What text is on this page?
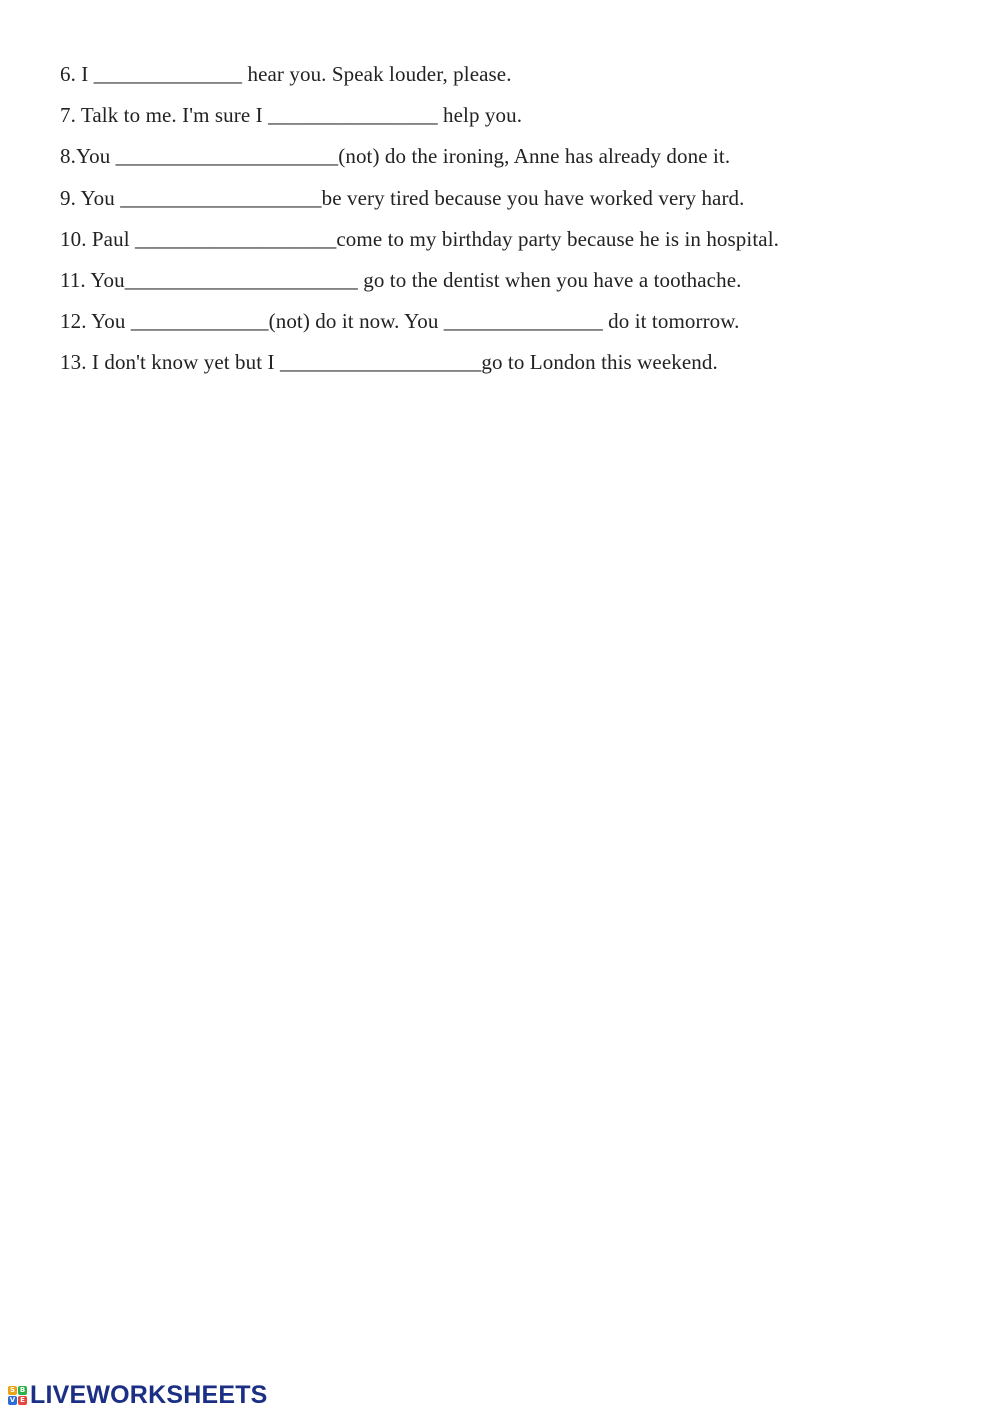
6. I ______________ hear you. Speak louder, please.
7. Talk to me. I'm sure I ________________ help you.
8.You _____________________(not) do the ironing, Anne has already done it.
9. You ___________________be very tired because you have worked very hard.
10. Paul ___________________come to my birthday party because he is in hospital.
11. You______________________ go to the dentist when you have a toothache.
12. You _____________(not) do it now. You _______________ do it tomorrow.
13. I don't know yet but I ___________________go to London this weekend.
S B
V E LIVEWORKSHEETS
